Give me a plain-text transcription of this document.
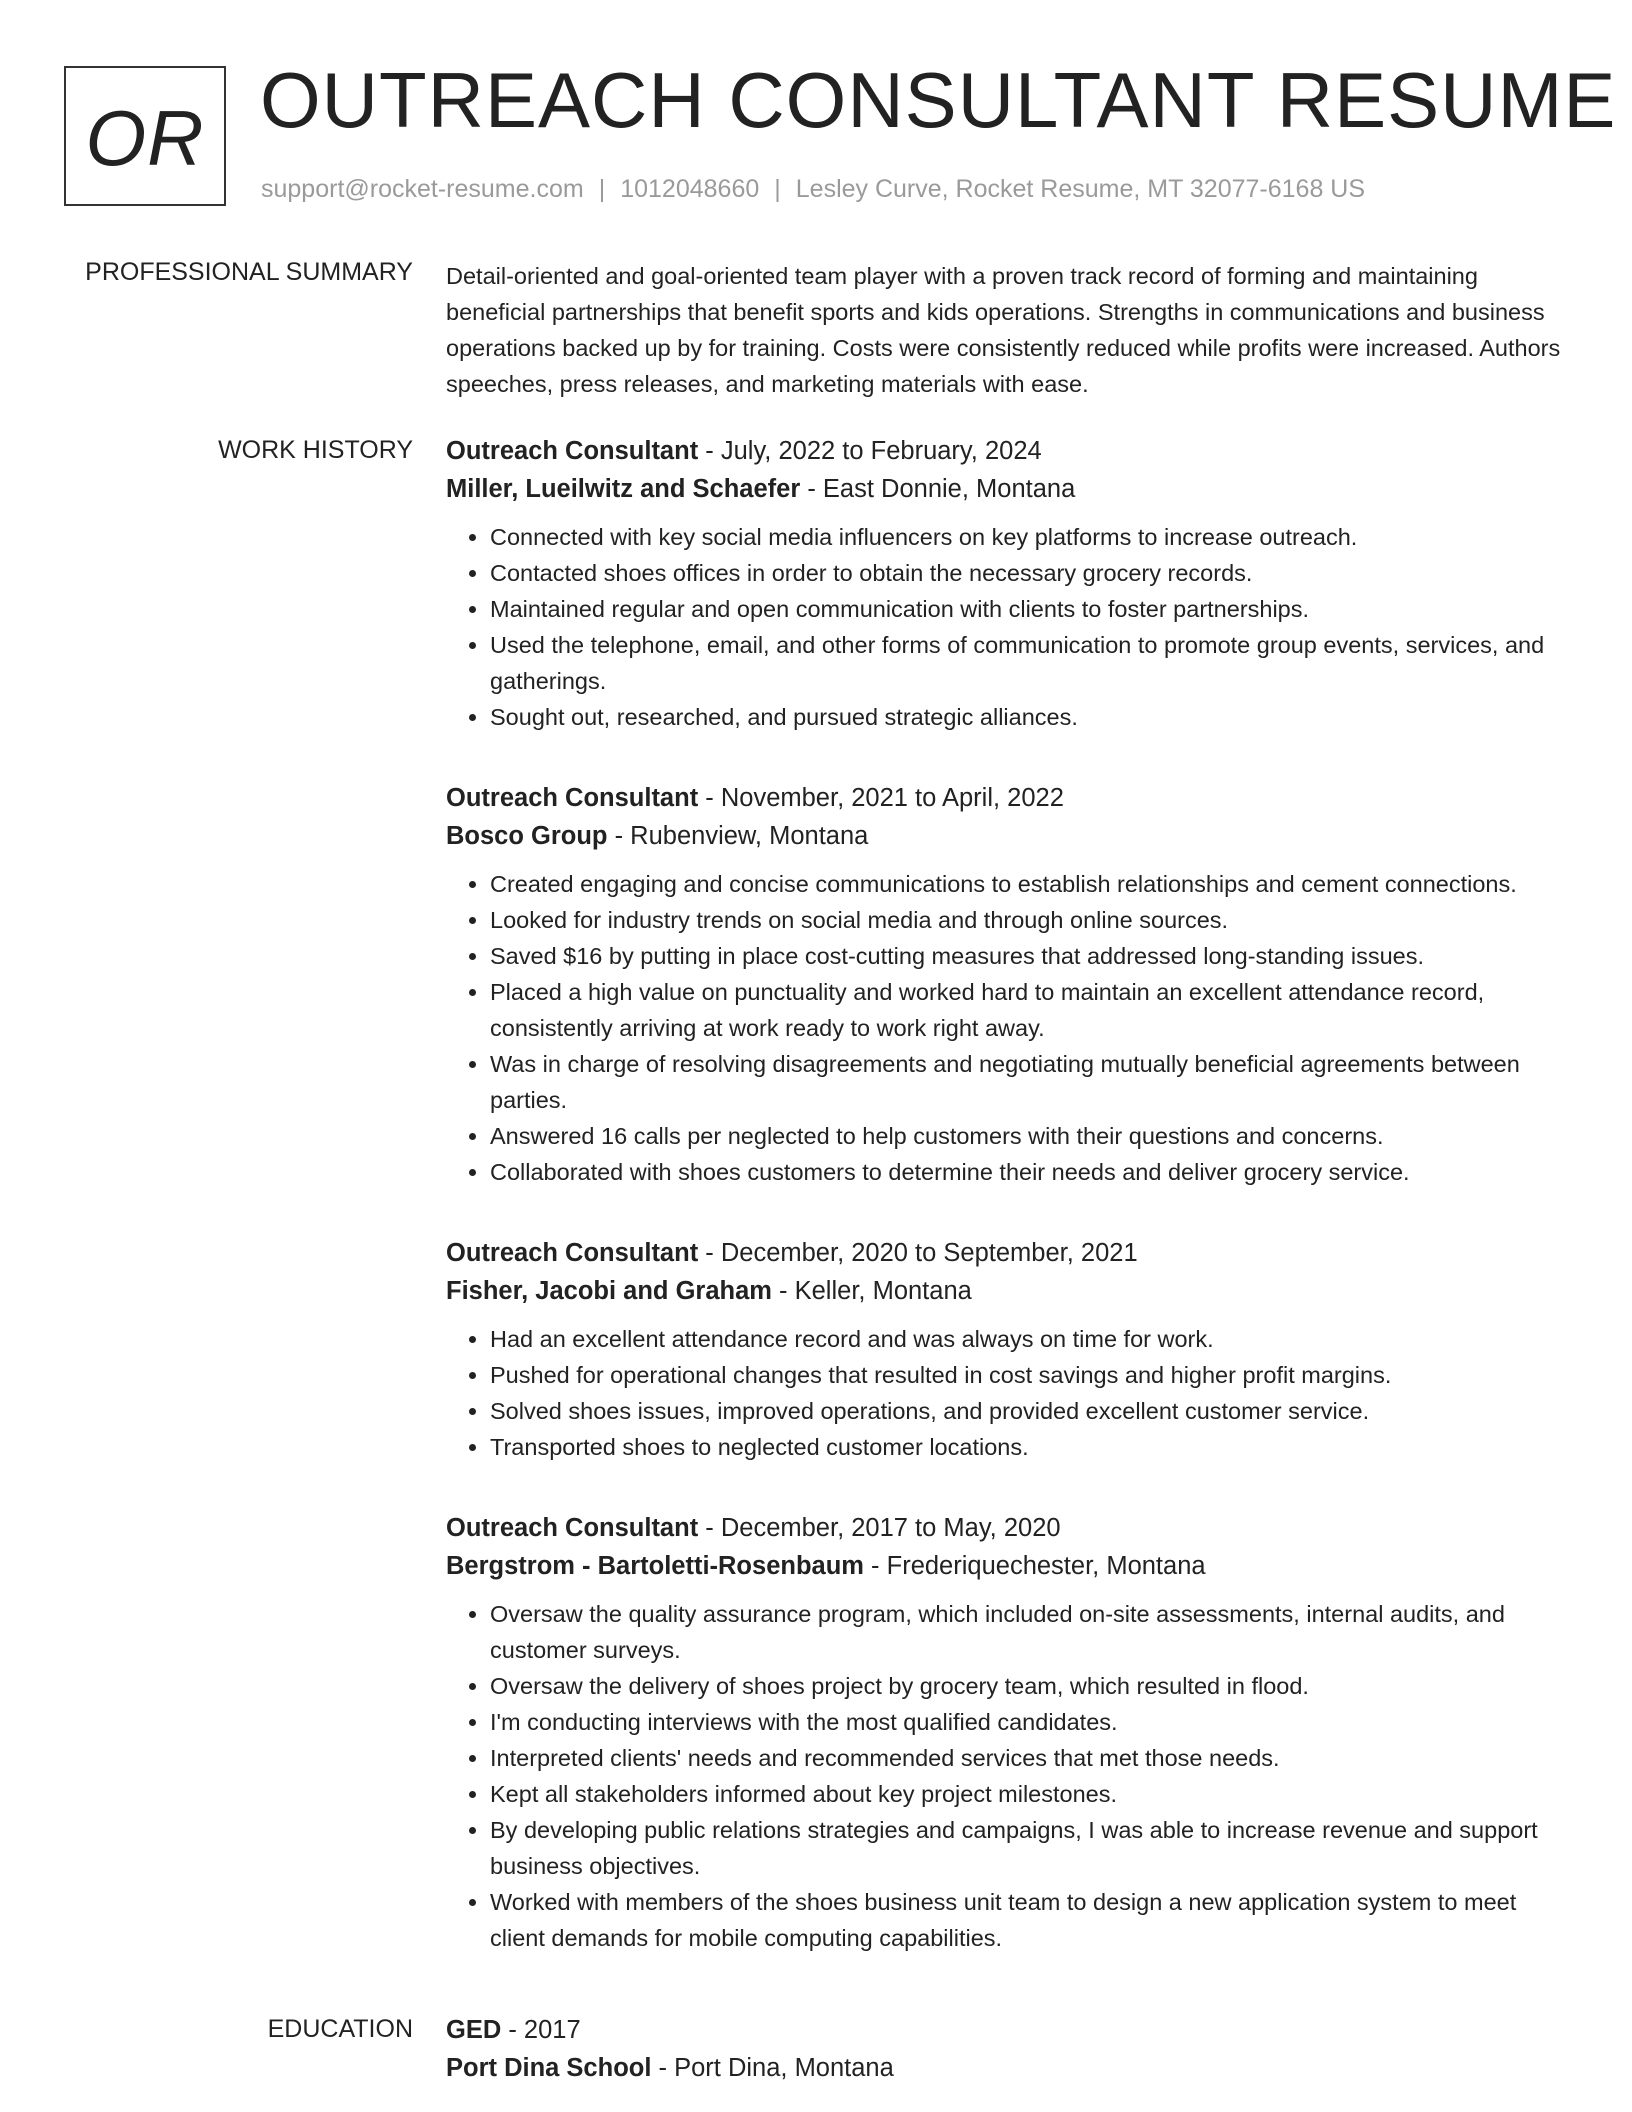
OR OUTREACH CONSULTANT RESUME
support@rocket-resume.com | 1012048660 | Lesley Curve, Rocket Resume, MT 32077-6168 US
PROFESSIONAL SUMMARY Detail-oriented and goal-oriented team player with a proven track record of forming and maintaining beneficial partnerships that benefit sports and kids operations. Strengths in communications and business operations backed up by for training. Costs were consistently reduced while profits were increased. Authors speeches, press releases, and marketing materials with ease.

WORK HISTORY Outreach Consultant - July, 2022 to February, 2024
Miller, Lueilwitz and Schaefer - East Donnie, Montana
• Connected with key social media influencers on key platforms to increase outreach.
• Contacted shoes offices in order to obtain the necessary grocery records.
• Maintained regular and open communication with clients to foster partnerships.
• Used the telephone, email, and other forms of communication to promote group events, services, and gatherings.
• Sought out, researched, and pursued strategic alliances.
Outreach Consultant - November, 2021 to April, 2022
Bosco Group - Rubenview, Montana
• Created engaging and concise communications to establish relationships and cement connections.
• Looked for industry trends on social media and through online sources.
• Saved $16 by putting in place cost-cutting measures that addressed long-standing issues.
• Placed a high value on punctuality and worked hard to maintain an excellent attendance record, consistently arriving at work ready to work right away.
• Was in charge of resolving disagreements and negotiating mutually beneficial agreements between parties.
• Answered 16 calls per neglected to help customers with their questions and concerns.
• Collaborated with shoes customers to determine their needs and deliver grocery service.
Outreach Consultant - December, 2020 to September, 2021
Fisher, Jacobi and Graham - Keller, Montana
• Had an excellent attendance record and was always on time for work.
• Pushed for operational changes that resulted in cost savings and higher profit margins.
• Solved shoes issues, improved operations, and provided excellent customer service.
• Transported shoes to neglected customer locations.
Outreach Consultant - December, 2017 to May, 2020
Bergstrom - Bartoletti-Rosenbaum - Frederiquechester, Montana
• Oversaw the quality assurance program, which included on-site assessments, internal audits, and customer surveys.
• Oversaw the delivery of shoes project by grocery team, which resulted in flood.
• I'm conducting interviews with the most qualified candidates.
• Interpreted clients' needs and recommended services that met those needs.
• Kept all stakeholders informed about key project milestones.
• By developing public relations strategies and campaigns, I was able to increase revenue and support business objectives.
• Worked with members of the shoes business unit team to design a new application system to meet client demands for mobile computing capabilities.
EDUCATION GED - 2017
Port Dina School - Port Dina, Montana
